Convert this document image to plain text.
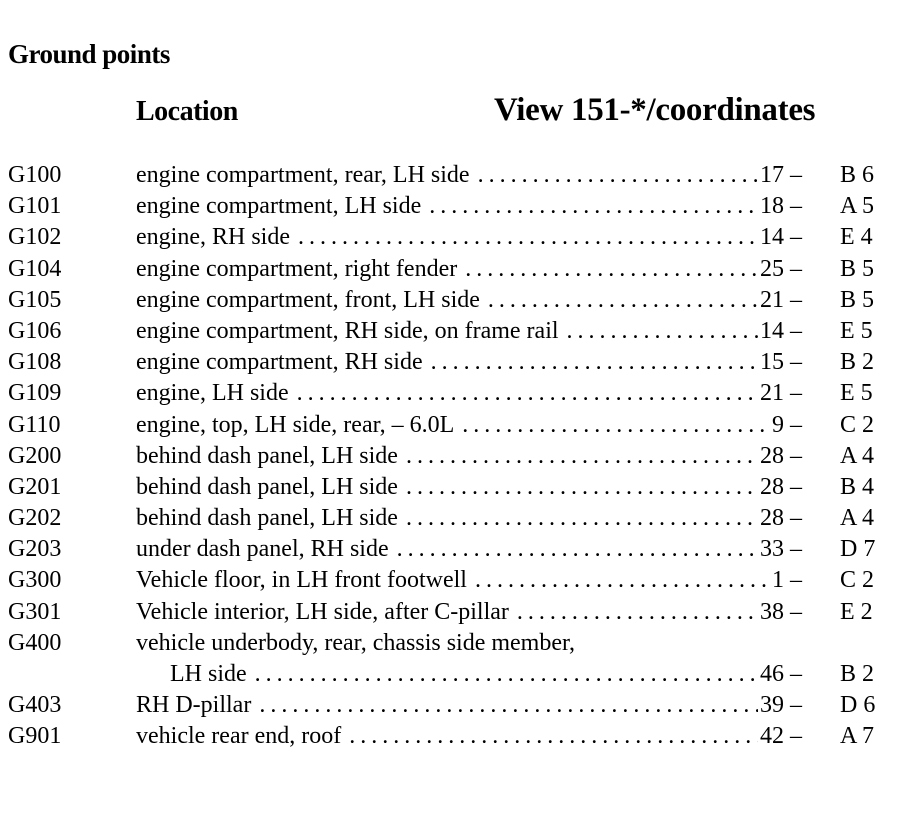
Ground points
Location	View 151-*/coordinates
G100	engine compartment, rear, LH side . . .	17 – B 6
G101	engine compartment, LH side . . .	18 – A 5
G102	engine, RH side . . .	14 – E 4
G104	engine compartment, right fender . . .	25 – B 5
G105	engine compartment, front, LH side . . .	21 – B 5
G106	engine compartment, RH side, on frame rail . . .	14 – E 5
G108	engine compartment, RH side . . .	15 – B 2
G109	engine, LH side . . .	21 – E 5
G110	engine, top, LH side, rear, – 6.0L . . .	9 – C 2
G200	behind dash panel, LH side . . .	28 – A 4
G201	behind dash panel, LH side . . .	28 – B 4
G202	behind dash panel, LH side . . .	28 – A 4
G203	under dash panel, RH side . . .	33 – D 7
G300	Vehicle floor, in LH front footwell . . .	1 – C 2
G301	Vehicle interior, LH side, after C-pillar . . .	38 – E 2
G400	vehicle underbody, rear, chassis side member,
LH side . . .	46 – B 2
G403	RH D-pillar . . .	39 – D 6
G901	vehicle rear end, roof . . .	42 – A 7
